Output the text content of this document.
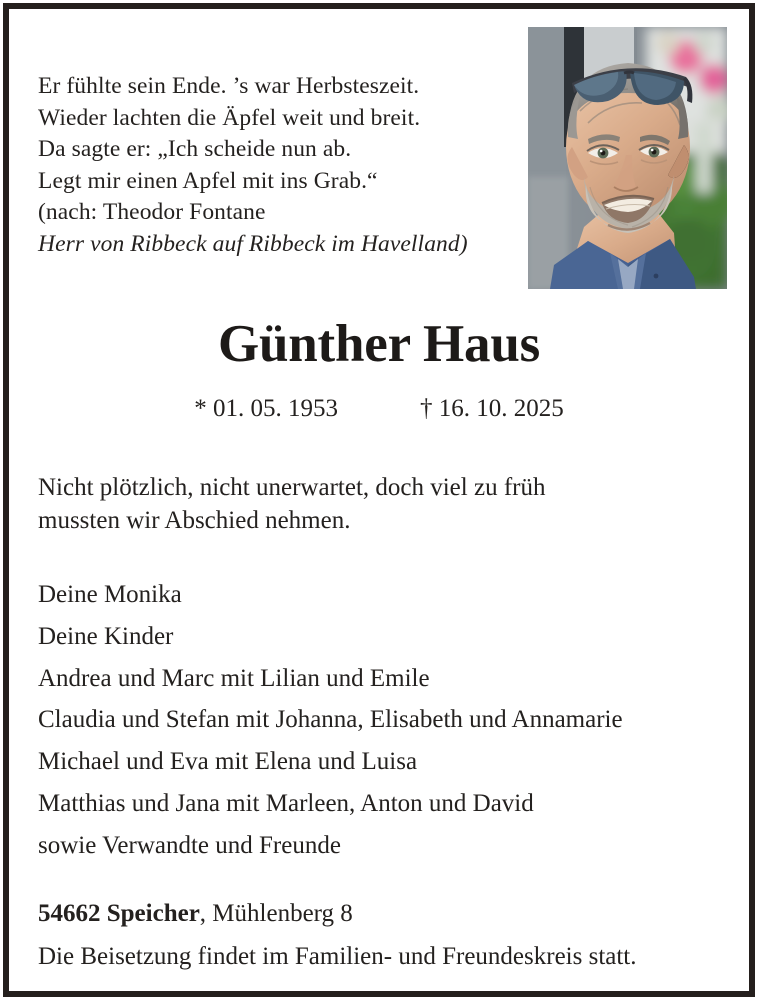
Er fühlte sein Ende. ’s war Herbsteszeit.
Wieder lachten die Äpfel weit und breit.
Da sagte er: „Ich scheide nun ab.
Legt mir einen Apfel mit ins Grab.“
(nach: Theodor Fontane
Herr von Ribbeck auf Ribbeck im Havelland)
Günther Haus
* 01. 05. 1953	† 16. 10. 2025
Nicht plötzlich, nicht unerwartet, doch viel zu früh
mussten wir Abschied nehmen.
Deine Monika
Deine Kinder
Andrea und Marc mit Lilian und Emile
Claudia und Stefan mit Johanna, Elisabeth und Annamarie
Michael und Eva mit Elena und Luisa
Matthias und Jana mit Marleen, Anton und David
sowie Verwandte und Freunde
54662 Speicher, Mühlenberg 8
Die Beisetzung findet im Familien- und Freundeskreis statt.
